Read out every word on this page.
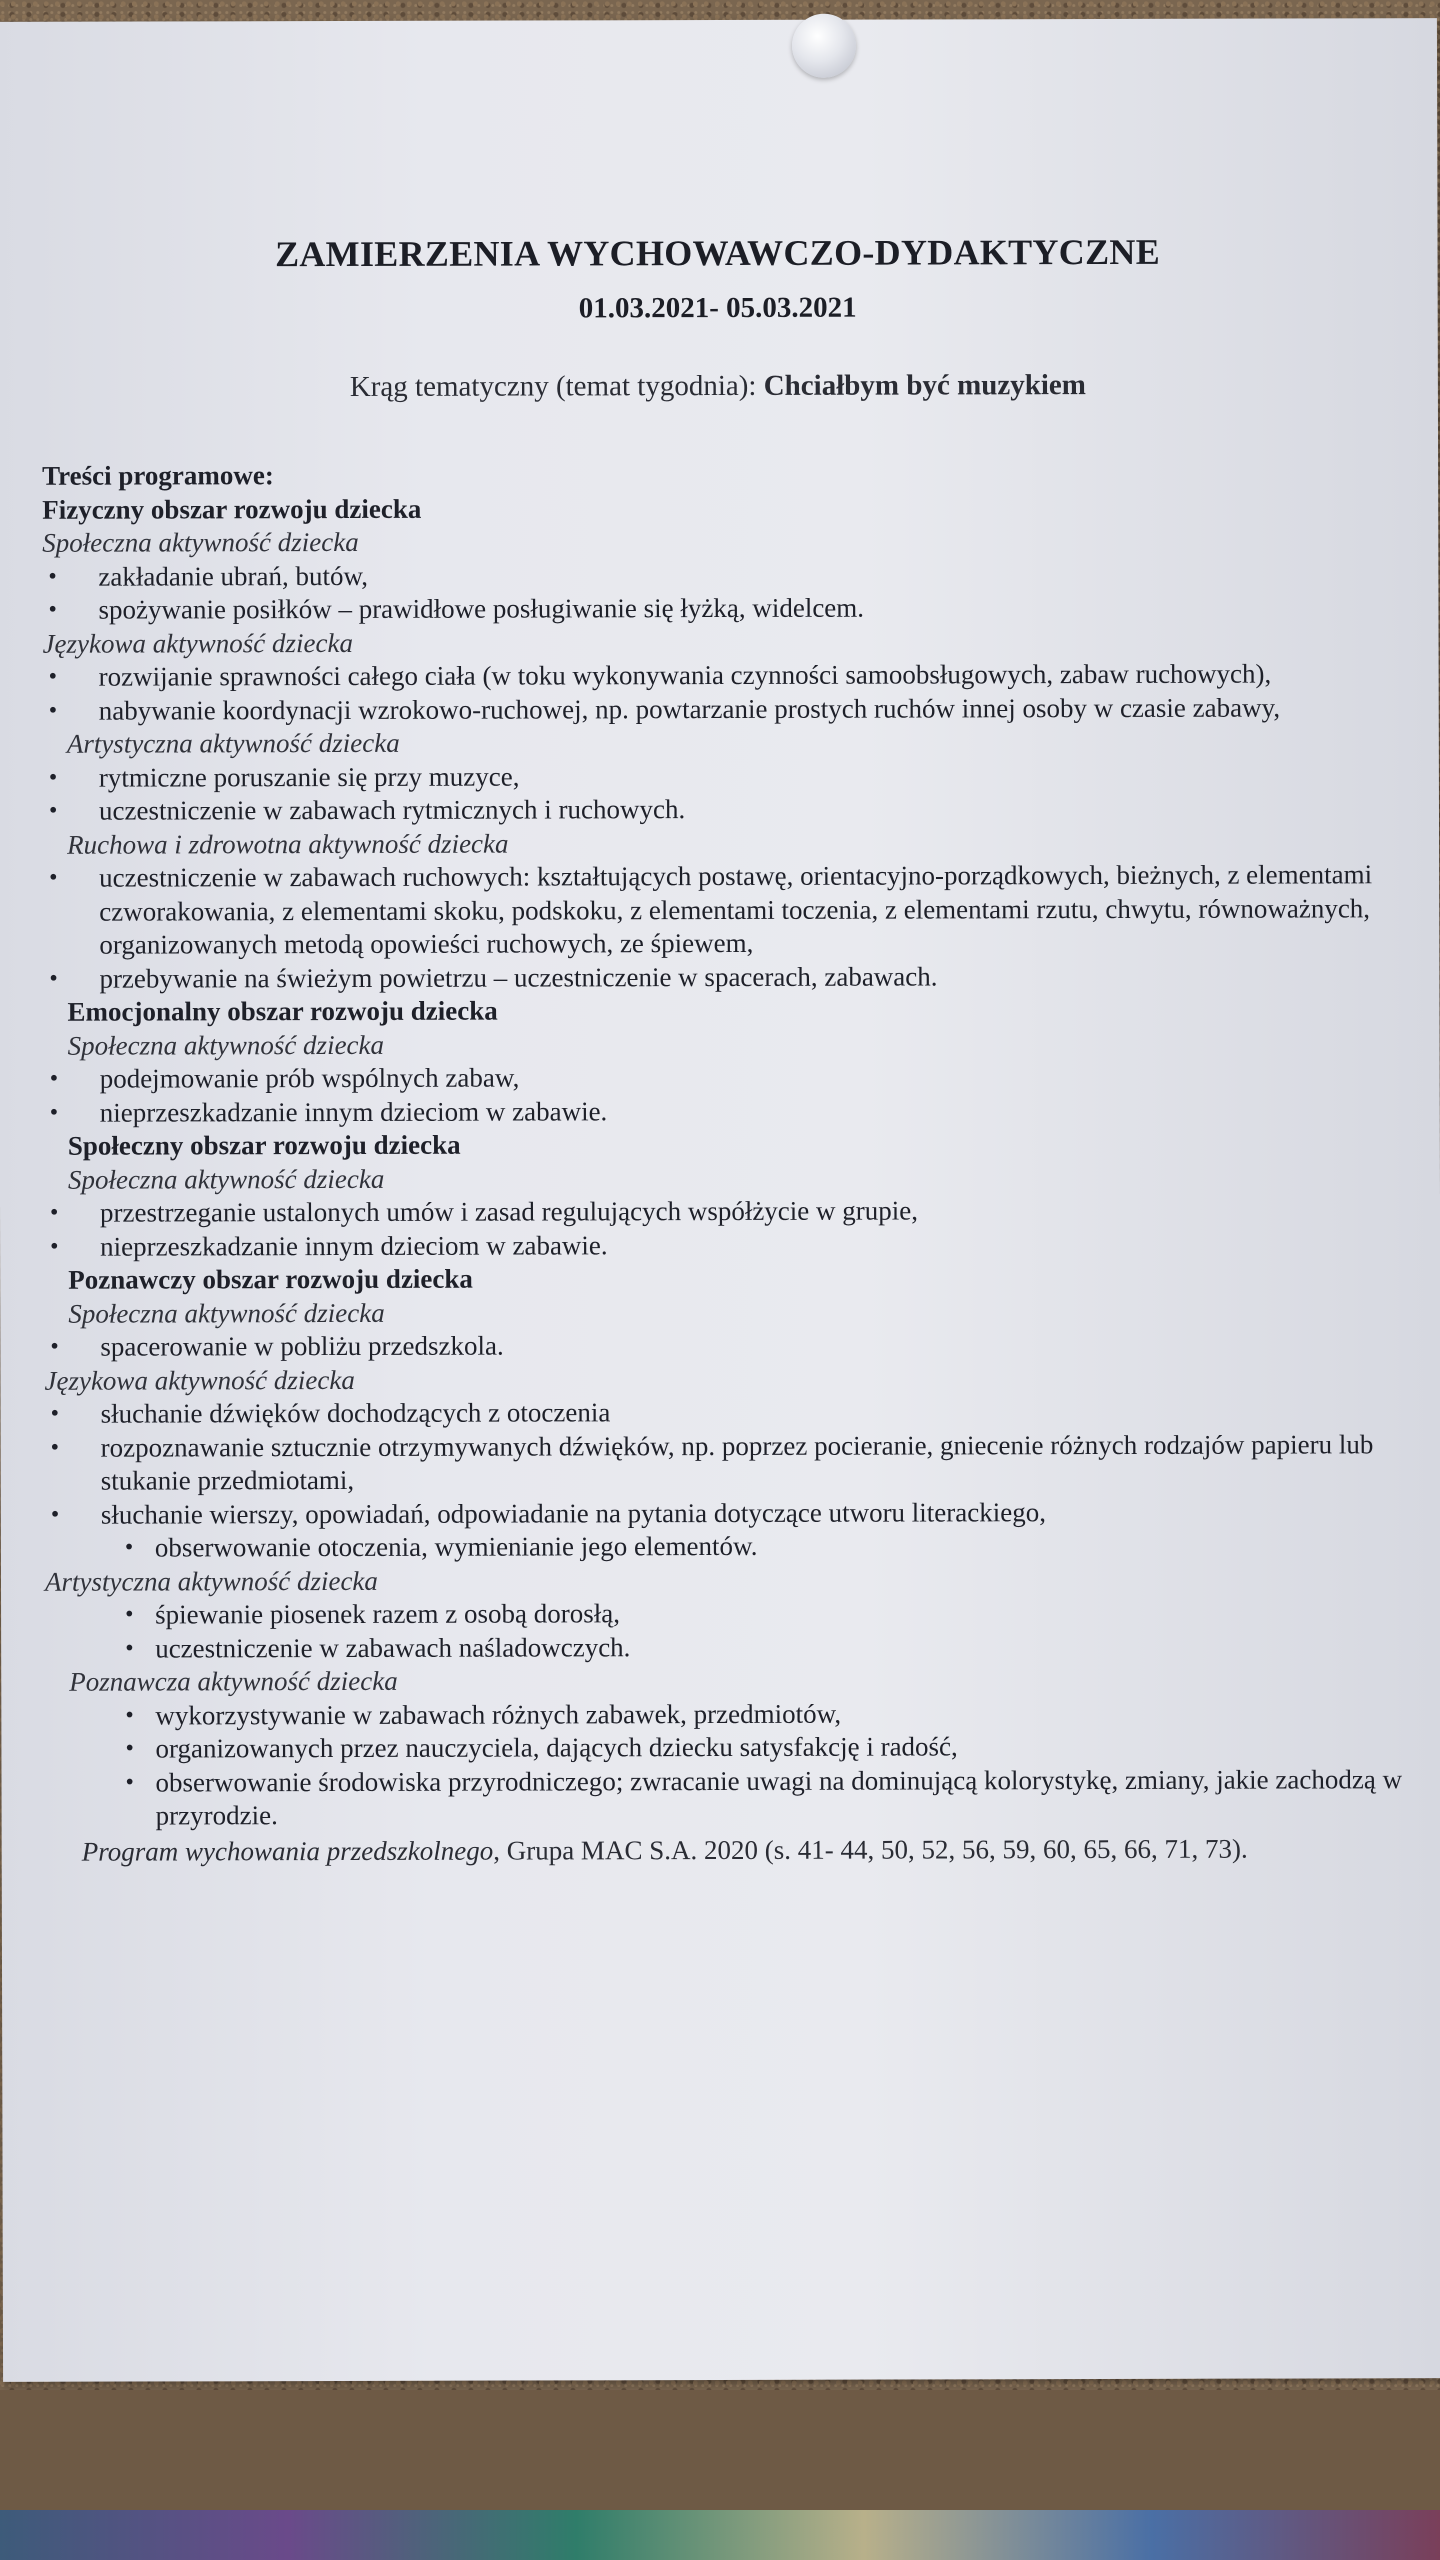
ZAMIERZENIA WYCHOWAWCZO-DYDAKTYCZNE
01.03.2021- 05.03.2021
Krąg tematyczny (temat tygodnia): Chciałbym być muzykiem

Treści programowe:

Fizyczny obszar rozwoju dziecka

Społeczna aktywność dziecka

• zakładanie ubrań, butów,
• spożywanie posiłków – prawidłowe posługiwanie się łyżką, widelcem.

Językowa aktywność dziecka

• rozwijanie sprawności całego ciała (w toku wykonywania czynności samoobsługowych, zabaw ruchowych),
• nabywanie koordynacji wzrokowo-ruchowej, np. powtarzanie prostych ruchów innej osoby w czasie zabawy,

Artystyczna aktywność dziecka

• rytmiczne poruszanie się przy muzyce,
• uczestniczenie w zabawach rytmicznych i ruchowych.

Ruchowa i zdrowotna aktywność dziecka

• uczestniczenie w zabawach ruchowych: kształtujących postawę, orientacyjno-porządkowych, bieżnych, z elementami czworakowania, z elementami skoku, podskoku, z elementami toczenia, z elementami rzutu, chwytu, równoważnych, organizowanych metodą opowieści ruchowych, ze śpiewem,
• przebywanie na świeżym powietrzu – uczestniczenie w spacerach, zabawach.

Emocjonalny obszar rozwoju dziecka

Społeczna aktywność dziecka

• podejmowanie prób wspólnych zabaw,
• nieprzeszkadzanie innym dzieciom w zabawie.

Społeczny obszar rozwoju dziecka

Społeczna aktywność dziecka

• przestrzeganie ustalonych umów i zasad regulujących współżycie w grupie,
• nieprzeszkadzanie innym dzieciom w zabawie.

Poznawczy obszar rozwoju dziecka

Społeczna aktywność dziecka

• spacerowanie w pobliżu przedszkola.

Językowa aktywność dziecka

• słuchanie dźwięków dochodzących z otoczenia
• rozpoznawanie sztucznie otrzymywanych dźwięków, np. poprzez pocieranie, gniecenie różnych rodzajów papieru lub stukanie przedmiotami,
• słuchanie wierszy, opowiadań, odpowiadanie na pytania dotyczące utworu literackiego,
• obserwowanie otoczenia, wymienianie jego elementów.

Artystyczna aktywność dziecka

• śpiewanie piosenek razem z osobą dorosłą,
• uczestniczenie w zabawach naśladowczych.

Poznawcza aktywność dziecka

• wykorzystywanie w zabawach różnych zabawek, przedmiotów,
• organizowanych przez nauczyciela, dających dziecku satysfakcję i radość,
• obserwowanie środowiska przyrodniczego; zwracanie uwagi na dominującą kolorystykę, zmiany, jakie zachodzą w przyrodzie.

Program wychowania przedszkolnego, Grupa MAC S.A. 2020 (s. 41- 44, 50, 52, 56, 59, 60, 65, 66, 71, 73).
